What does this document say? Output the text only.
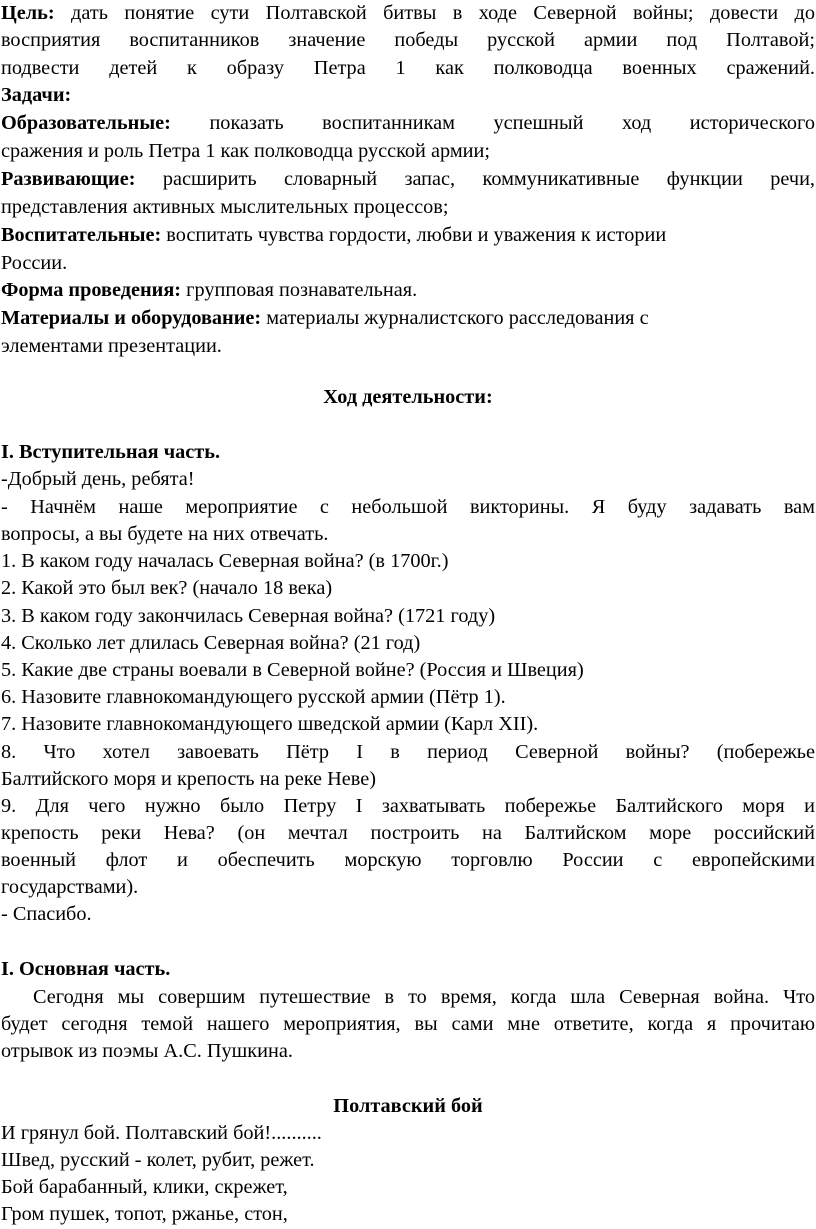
Цель: дать понятие сути Полтавской битвы в ходе Северной войны; довести до
восприятия воспитанников значение победы русской армии под Полтавой;
подвести детей к образу Петра 1 как полководца военных сражений.
Задачи:
Образовательные: показать воспитанникам успешный ход исторического
сражения и роль Петра 1 как полководца русской армии;
Развивающие: расширить словарный запас, коммуникативные функции речи,
представления активных мыслительных процессов;
Воспитательные: воспитать чувства гордости, любви и уважения к истории
России.
Форма проведения: групповая познавательная.
Материалы и оборудование: материалы журналистского расследования с
элементами презентации.
Ход деятельности:
I. Вступительная часть.
-Добрый день, ребята!
- Начнём наше мероприятие с небольшой викторины. Я буду задавать вам
вопросы, а вы будете на них отвечать.
1. В каком году началась Северная война? (в 1700г.)
2. Какой это был век? (начало 18 века)
3. В каком году закончилась Северная война? (1721 году)
4. Сколько лет длилась Северная война? (21 год)
5. Какие две страны воевали в Северной войне? (Россия и Швеция)
6. Назовите главнокомандующего русской армии (Пётр 1).
7. Назовите главнокомандующего шведской армии (Карл XII).
8. Что хотел завоевать Пётр I в период Северной войны? (побережье
Балтийского моря и крепость на реке Неве)
9. Для чего нужно было Петру I захватывать побережье Балтийского моря и
крепость реки Нева? (он мечтал построить на Балтийском море российский
военный флот и обеспечить морскую торговлю России с европейскими
государствами).
- Спасибо.
I. Основная часть.
Сегодня мы совершим путешествие в то время, когда шла Северная война. Что
будет сегодня темой нашего мероприятия, вы сами мне ответите, когда я прочитаю
отрывок из поэмы А.С. Пушкина.
Полтавский бой
И грянул бой. Полтавский бой!..........
Швед, русский - колет, рубит, режет.
Бой барабанный, клики, скрежет,
Гром пушек, топот, ржанье, стон,
